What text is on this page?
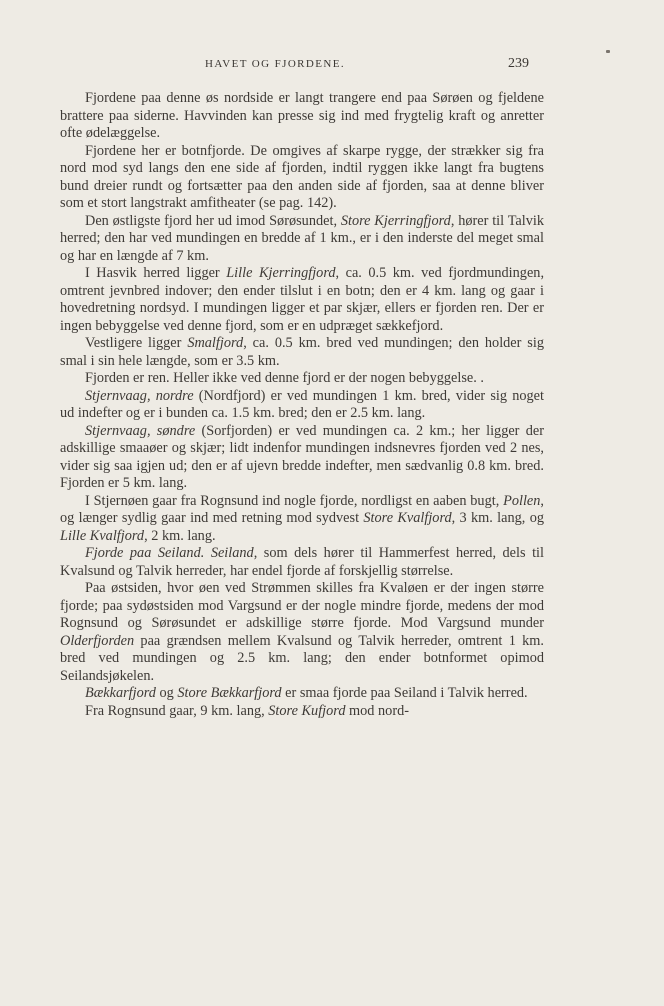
HAVET OG FJORDENE.	239

Fjordene paa denne øs nordside er langt trangere end paa Sørøen og fjeldene brattere paa siderne. Havvinden kan presse sig ind med frygtelig kraft og anretter ofte ødelæggelse.

Fjordene her er botnfjorde. De omgives af skarpe rygge, der strækker sig fra nord mod syd langs den ene side af fjorden, indtil ryggen ikke langt fra bugtens bund dreier rundt og fortsætter paa den anden side af fjorden, saa at denne bliver som et stort langstrakt amfitheater (se pag. 142).

Den østligste fjord her ud imod Sørøsundet, Store Kjerringfjord, hører til Talvik herred; den har ved mundingen en bredde af 1 km., er i den inderste del meget smal og har en længde af 7 km.

I Hasvik herred ligger Lille Kjerringfjord, ca. 0.5 km. ved fjordmundingen, omtrent jevnbred indover; den ender tilslut i en botn; den er 4 km. lang og gaar i hovedretning nordsyd. I mundingen ligger et par skjær, ellers er fjorden ren. Der er ingen bebyggelse ved denne fjord, som er en udpræget sækkefjord.

Vestligere ligger Smalfjord, ca. 0.5 km. bred ved mundingen; den holder sig smal i sin hele længde, som er 3.5 km.

Fjorden er ren. Heller ikke ved denne fjord er der nogen bebyggelse. .

Stjernvaag, nordre (Nordfjord) er ved mundingen 1 km. bred, vider sig noget ud indefter og er i bunden ca. 1.5 km. bred; den er 2.5 km. lang.

Stjernvaag, søndre (Sorfjorden) er ved mundingen ca. 2 km.; her ligger der adskillige smaaøer og skjær; lidt indenfor mundingen indsnevres fjorden ved 2 nes, vider sig saa igjen ud; den er af ujevn bredde indefter, men sædvanlig 0.8 km. bred. Fjorden er 5 km. lang.

I Stjernøen gaar fra Rognsund ind nogle fjorde, nordligst en aaben bugt, Pollen, og længer sydlig gaar ind med retning mod sydvest Store Kvalfjord, 3 km. lang, og Lille Kvalfjord, 2 km. lang.

Fjorde paa Seiland. Seiland, som dels hører til Hammerfest herred, dels til Kvalsund og Talvik herreder, har endel fjorde af forskjellig størrelse.

Paa østsiden, hvor øen ved Strømmen skilles fra Kvaløen er der ingen større fjorde; paa sydøstsiden mod Vargsund er der nogle mindre fjorde, medens der mod Rognsund og Sørøsundet er adskillige større fjorde. Mod Vargsund munder Olderfjorden paa grændsen mellem Kvalsund og Talvik herreder, omtrent 1 km. bred ved mundingen og 2.5 km. lang; den ender botnformet opimod Seilandsjøkelen.

Bækkarfjord og Store Bækkarfjord er smaa fjorde paa Seiland i Talvik herred.

Fra Rognsund gaar, 9 km. lang, Store Kufjord mod nord-
